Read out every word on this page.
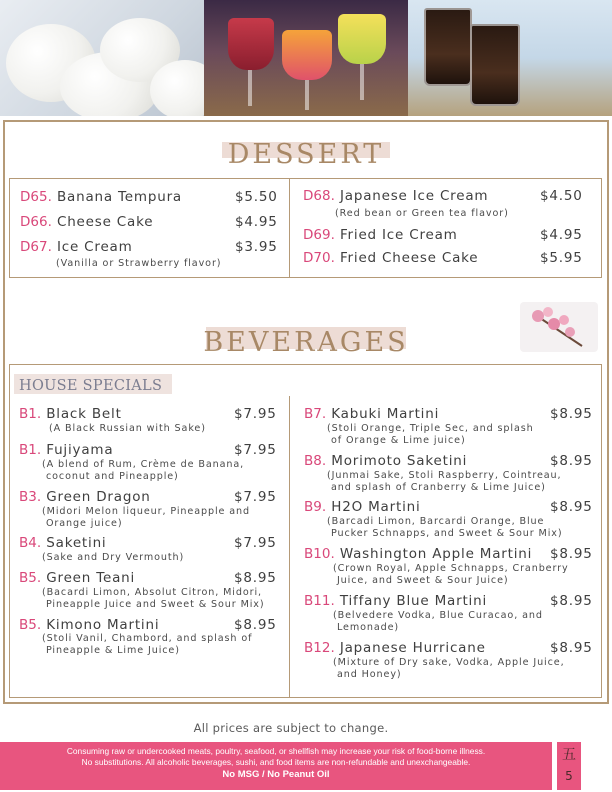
DESSERT
D65. Banana Tempura	$5.50
D66. Cheese Cake	$4.95
D67. Ice Cream	$3.95
(Vanilla or Strawberry flavor)
D68. Japanese Ice Cream	$4.50
(Red bean or Green tea flavor)
D69. Fried Ice Cream	$4.95
D70. Fried Cheese Cake	$5.95
BEVERAGES
HOUSE SPECIALS
B1. Black Belt	$7.95
(A Black Russian with Sake)
B1. Fujiyama	$7.95
(A blend of Rum, Crème de Banana,
coconut and Pineapple)
B3. Green Dragon	$7.95
(Midori Melon liqueur, Pineapple and
Orange juice)
B4. Saketini	$7.95
(Sake and Dry Vermouth)
B5. Green Teani	$8.95
(Bacardi Limon, Absolut Citron, Midori,
Pineapple Juice and Sweet & Sour Mix)
B5. Kimono Martini	$8.95
(Stoli Vanil, Chambord, and splash of
Pineapple & Lime Juice)
B7. Kabuki Martini	$8.95
(Stoli Orange, Triple Sec, and splash
of Orange & Lime juice)
B8. Morimoto Saketini	$8.95
(Junmai Sake, Stoli Raspberry, Cointreau,
and splash of Cranberry & Lime Juice)
B9. H2O Martini	$8.95
(Barcadi Limon, Barcardi Orange, Blue
Pucker Schnapps, and Sweet & Sour Mix)
B10. Washington Apple Martini $8.95
(Crown Royal, Apple Schnapps, Cranberry
Juice, and Sweet & Sour Juice)
B11. Tiffany Blue Martini	$8.95
(Belvedere Vodka, Blue Curacao, and
Lemonade)
B12. Japanese Hurricane	$8.95
(Mixture of Dry sake, Vodka, Apple Juice,
and Honey)
All prices are subject to change.
Consuming raw or undercooked meats, poultry, seafood, or shellfish may increase your risk of food-borne illness.
No substitutions. All alcoholic beverages, sushi, and food items are non-refundable and unexchangeable.
No MSG / No Peanut Oil
五
5
